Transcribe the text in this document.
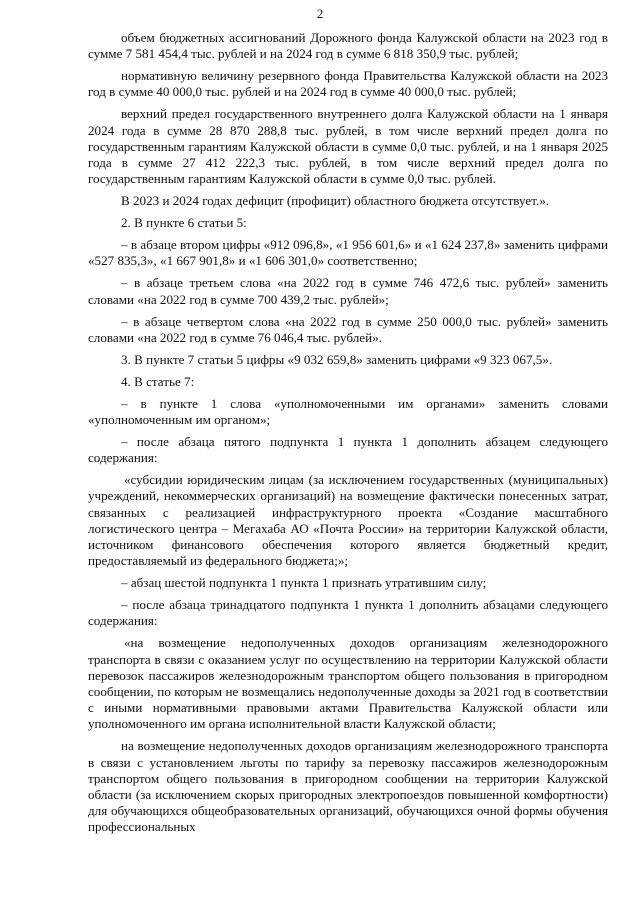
2

объем бюджетных ассигнований Дорожного фонда Калужской области на 2023 год в сумме 7 581 454,4 тыс. рублей и на 2024 год в сумме 6 818 350,9 тыс. рублей;

нормативную величину резервного фонда Правительства Калужской области на 2023 год в сумме 40 000,0 тыс. рублей и на 2024 год в сумме 40 000,0 тыс. рублей;

верхний предел государственного внутреннего долга Калужской области на 1 января 2024 года в сумме 28 870 288,8 тыс. рублей, в том числе верхний предел долга по государственным гарантиям Калужской области в сумме 0,0 тыс. рублей, и на 1 января 2025 года в сумме 27 412 222,3 тыс. рублей, в том числе верхний предел долга по государственным гарантиям Калужской области в сумме 0,0 тыс. рублей.

В 2023 и 2024 годах дефицит (профицит) областного бюджета отсутствует.».

2. В пункте 6 статьи 5:

– в абзаце втором цифры «912 096,8», «1 956 601,6» и «1 624 237,8» заменить цифрами «527 835,3», «1 667 901,8» и «1 606 301,0» соответственно;

– в абзаце третьем слова «на 2022 год в сумме 746 472,6 тыс. рублей» заменить словами «на 2022 год в сумме 700 439,2 тыс. рублей»;

– в абзаце четвертом слова «на 2022 год в сумме 250 000,0 тыс. рублей» заменить словами «на 2022 год в сумме 76 046,4 тыс. рублей».

3. В пункте 7 статьи 5 цифры «9 032 659,8» заменить цифрами «9 323 067,5».

4. В статье 7:

– в пункте 1 слова «уполномоченными им органами» заменить словами «уполномоченным им органом»;

– после абзаца пятого подпункта 1 пункта 1 дополнить абзацем следующего содержания:

«субсидии юридическим лицам (за исключением государственных (муниципальных) учреждений, некоммерческих организаций) на возмещение фактически понесенных затрат, связанных с реализацией инфраструктурного проекта «Создание масштабного логистического центра – Мегахаба АО «Почта России» на территории Калужской области, источником финансового обеспечения которого является бюджетный кредит, предоставляемый из федерального бюджета;»;

– абзац шестой подпункта 1 пункта 1 признать утратившим силу;

– после абзаца тринадцатого подпункта 1 пункта 1 дополнить абзацами следующего содержания:

«на возмещение недополученных доходов организациям железнодорожного транспорта в связи с оказанием услуг по осуществлению на территории Калужской области перевозок пассажиров железнодорожным транспортом общего пользования в пригородном сообщении, по которым не возмещались недополученные доходы за 2021 год в соответствии с иными нормативными правовыми актами Правительства Калужской области или уполномоченного им органа исполнительной власти Калужской области;

на возмещение недополученных доходов организациям железнодорожного транспорта в связи с установлением льготы по тарифу за перевозку пассажиров железнодорожным транспортом общего пользования в пригородном сообщении на территории Калужской области (за исключением скорых пригородных электропоездов повышенной комфортности) для обучающихся общеобразовательных организаций, обучающихся очной формы обучения профессиональных
